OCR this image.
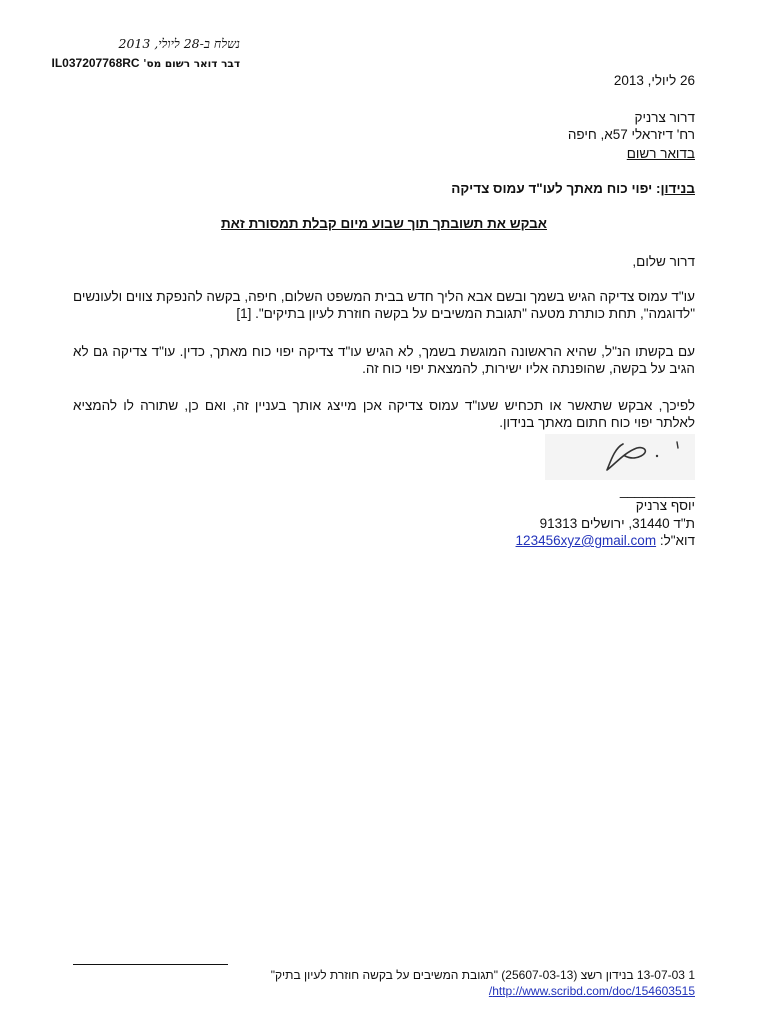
נשלח ב-28 ליולי, 2013
דבר דואר רשום מס' IL037207768RC
26 ליולי, 2013
דרור צרניק
רח' דיזראלי 57א, חיפה
בדואר רשום
בנידון: יפוי כוח מאתך לעו"ד עמוס צדיקה
אבקש את תשובתך תוך שבוע מיום קבלת תמסורת זאת
דרור שלום,
עו"ד עמוס צדיקה הגיש בשמך ובשם אבא הליך חדש בבית המשפט השלום, חיפה, בקשה להנפקת צווים ולעונשים "לדוגמה", תחת כותרת מטעה "תגובת המשיבים על בקשה חוזרת לעיון בתיקים". [1]
עם בקשתו הנ"ל, שהיא הראשונה המוגשת בשמך, לא הגיש עו"ד צדיקה יפוי כוח מאתך, כדין. עו"ד צדיקה גם לא הגיב על בקשה, שהופנתה אליו ישירות, להמצאת יפוי כוח זה.
לפיכך, אבקש שתאשר או תכחיש שעו"ד עמוס צדיקה אכן מייצג אותך בעניין זה, ואם כן, שתורה לו להמציא לאלתר יפוי כוח חתום מאתך בנידון.
__________
יוסף צרניק
ת"ד 31440, ירושלים 91313
דוא"ל: 123456xyz@gmail.com
1 13-07-03 בנידון רשצ (25607-03-13) "תגובת המשיבים על בקשה חוזרת לעיון בתיק"
http://www.scribd.com/doc/154603515/
